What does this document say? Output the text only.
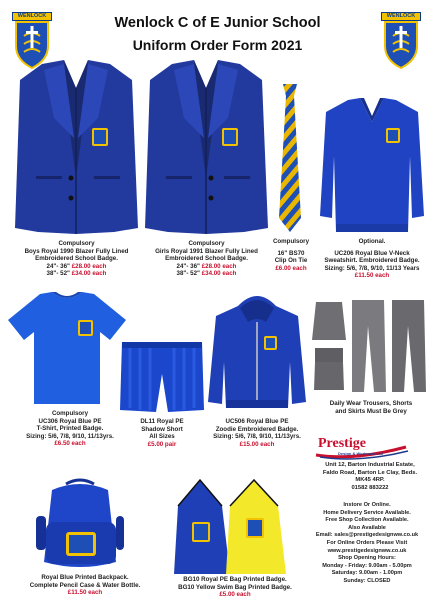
WENLOCK	WENLOCK
Wenlock C of E Junior School
Uniform Order Form 2021
Compulsory
Boys Royal 1990 Blazer Fully Lined
Embroidered School Badge.
24"- 36" £28.00 each
38"- 52" £34.00 each
Compulsory
Girls Royal 1991 Blazer Fully Lined
Embroidered School Badge.
24"- 36" £28.00 each
38"- 52" £34.00 each
Compulsory
16" BS70
Clip On Tie
£6.00 each
Optional.
UC206 Royal Blue V-Neck
Sweatshirt. Embroidered Badge.
Sizing: 5/6, 7/8, 9/10, 11/13 Years
£11.50 each
Daily Wear Trousers, Shorts
and Skirts Must Be Grey
Compulsory
UC306 Royal Blue PE
T-Shirt, Printed Badge.
Sizing: 5/6, 7/8, 9/10, 11/13yrs.
£6.50 each
DL11 Royal PE
Shadow Short
All Sizes
£5.00 pair
UC506 Royal Blue PE
Zoodie Embroidered Badge.
Sizing: 5/6, 7/8, 9/10, 11/13yrs.
£15.00 each	Prestige
Design & Workwear Ltd
Unit 12, Barton Industrial Estate,
Faldo Road, Barton Le Clay, Beds.
MK45 4RP.
01582 883222
Royal Blue Printed Backpack.
Complete Pencil Case & Water Bottle.
£11.50 each
BG10 Royal PE Bag Printed Badge.
BG10 Yellow Swim Bag Printed Badge.
£5.00 each
Instore Or Online.
Home Delivery Service Available.
Free Shop Collection Available.
Also Available
Email: sales@prestigedesignww.co.uk
For Online Orders Please Visit
www.prestigedesignww.co.uk
Shop Opening Hours:
Monday - Friday: 9.00am - 5.00pm
Saturday: 9.00am - 1.00pm
Sunday: CLOSED
